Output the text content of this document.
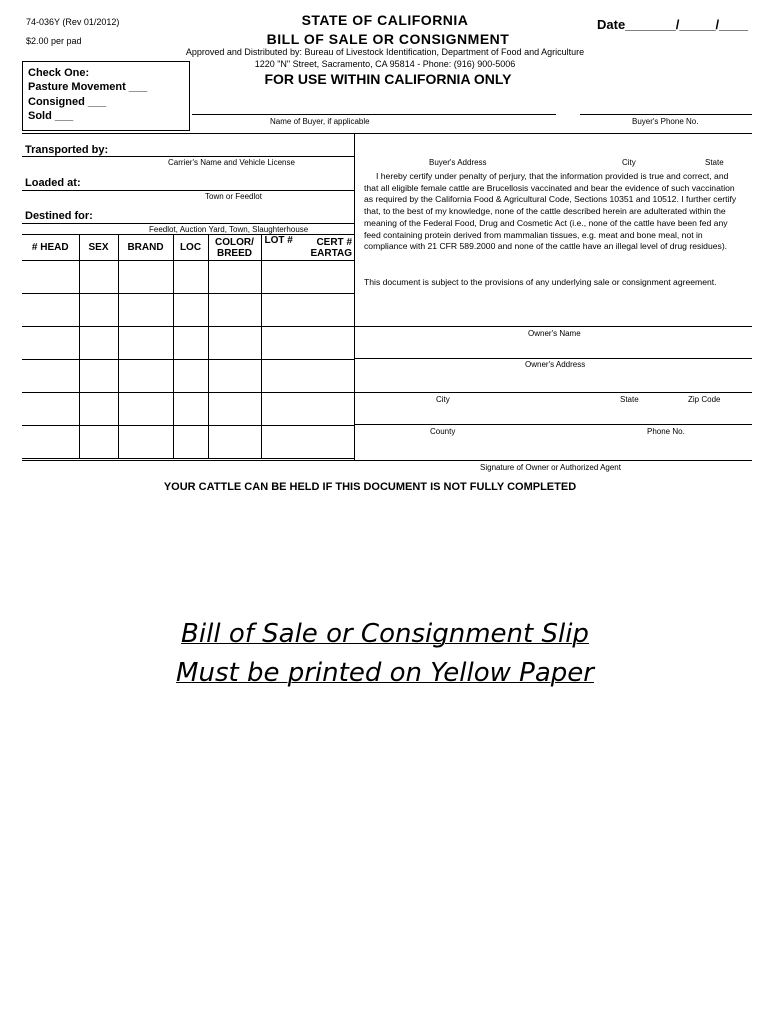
74-036Y (Rev 01/2012)
$2.00 per pad
STATE OF CALIFORNIA
BILL OF SALE OR CONSIGNMENT
Date_______/_____/____
Approved and Distributed by: Bureau of Livestock Identification, Department of Food and Agriculture
1220 "N" Street, Sacramento, CA 95814 - Phone: (916) 900-5006
FOR USE WITHIN CALIFORNIA ONLY
Check One:
Pasture Movement ___
Consigned ___
Sold ___	Name of Buyer, if applicable	Buyer's Phone No.
Transported by:
Carrier's Name and Vehicle License
Loaded at:
Town or Feedlot
Destined for:
Feedlot, Auction Yard, Town, Slaughterhouse
# HEAD	SEX	BRAND	LOC	COLOR/ BREED	LOT #	CERT # EARTAG

Buyer's Address	City	State
I hereby certify under penalty of perjury, that the information provided is true and correct, and that all eligible female cattle are Brucellosis vaccinated and bear the evidence of such vaccination as required by the California Food & Agricultural Code, Sections 10351 and 10512. I further certify that, to the best of my knowledge, none of the cattle described herein are adulterated within the meaning of the Federal Food, Drug and Cosmetic Act (i.e., none of the cattle have been fed any feed containing protein derived from mammalian tissues, e.g. meat and bone meal, not in compliance with 21 CFR 589.2000 and none of the cattle have an illegal level of drug residues).
This document is subject to the provisions of any underlying sale or consignment agreement.
Owner's Name
Owner's Address
City	State	Zip Code
County	Phone No.
Signature of Owner or Authorized Agent
YOUR CATTLE CAN BE HELD IF THIS DOCUMENT IS NOT FULLY COMPLETED
Bill of Sale or Consignment Slip
Must be printed on Yellow Paper
